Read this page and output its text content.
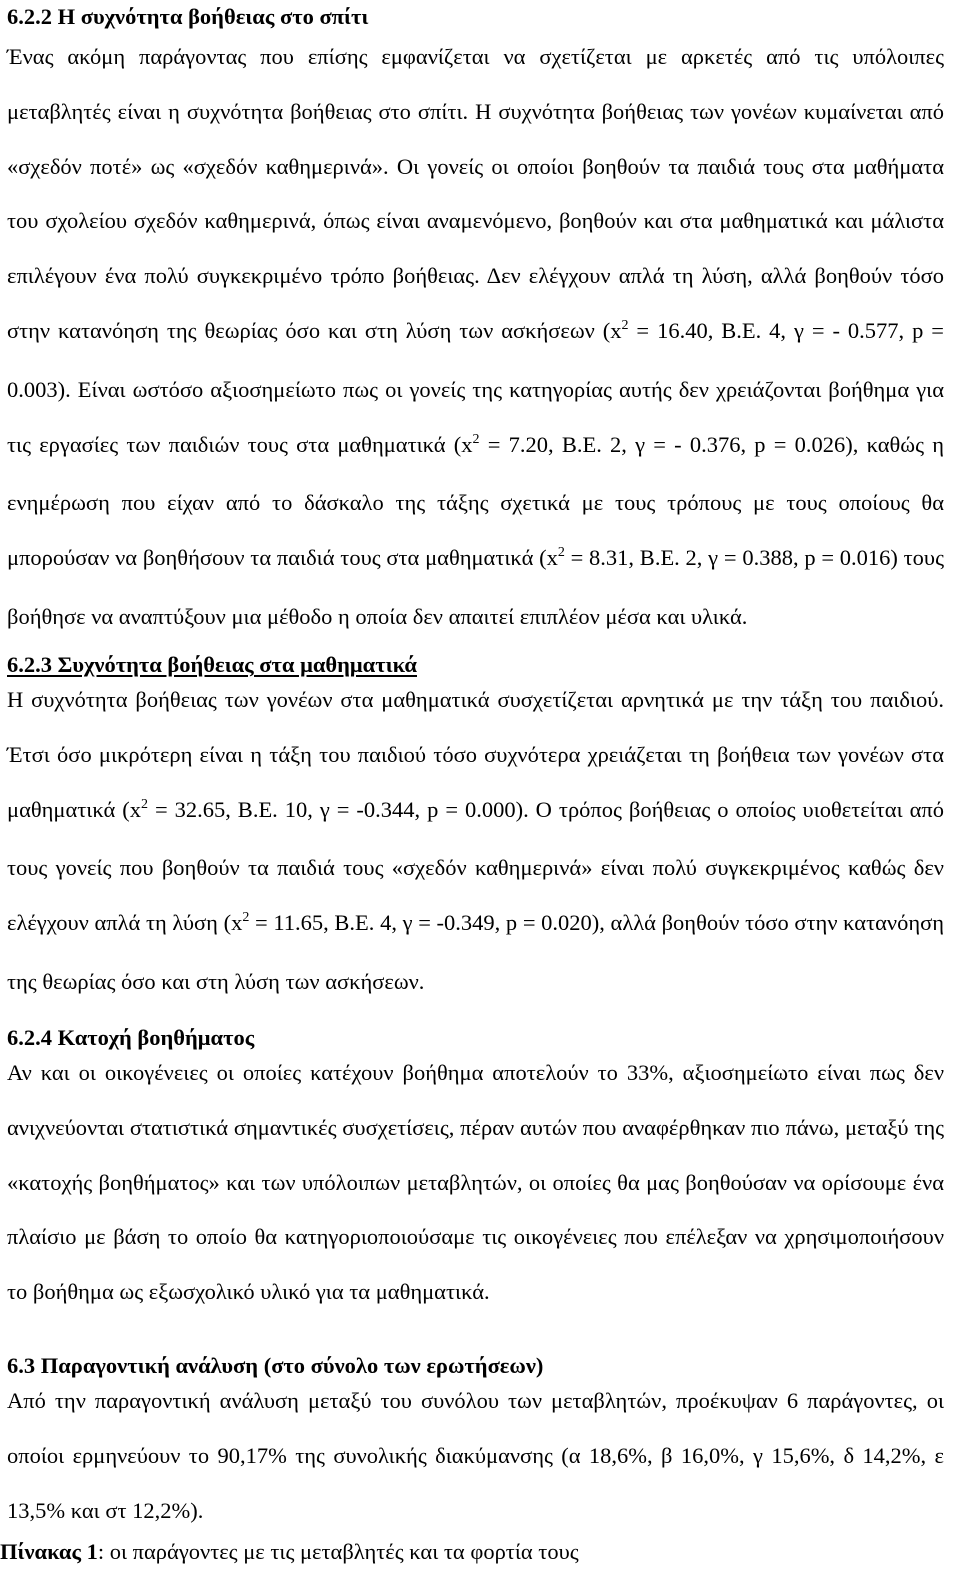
6.2.2 Η συχνότητα βοήθειας στο σπίτι

Ένας ακόμη παράγοντας που επίσης εμφανίζεται να σχετίζεται με αρκετές από τις υπόλοιπες μεταβλητές είναι η συχνότητα βοήθειας στο σπίτι. Η συχνότητα βοήθειας των γονέων κυμαίνεται από «σχεδόν ποτέ» ως «σχεδόν καθημερινά». Οι γονείς οι οποίοι βοηθούν τα παιδιά τους στα μαθήματα του σχολείου σχεδόν καθημερινά, όπως είναι αναμενόμενο, βοηθούν και στα μαθηματικά και μάλιστα επιλέγουν ένα πολύ συγκεκριμένο τρόπο βοήθειας. Δεν ελέγχουν απλά τη λύση, αλλά βοηθούν τόσο στην κατανόηση της θεωρίας όσο και στη λύση των ασκήσεων ($x^2 = 16.40$, B.E. 4, γ = - 0.577, p = 0.003). Είναι ωστόσο αξιοσημείωτο πως οι γονείς της κατηγορίας αυτής δεν χρειάζονται βοήθημα για τις εργασίες των παιδιών τους στα μαθηματικά ($x^2 = 7.20$, B.E. 2, γ = - 0.376, p = 0.026), καθώς η ενημέρωση που είχαν από το δάσκαλο της τάξης σχετικά με τους τρόπους με τους οποίους θα μπορούσαν να βοηθήσουν τα παιδιά τους στα μαθηματικά ($x^2 = 8.31$, B.E. 2, γ = 0.388, p = 0.016) τους βοήθησε να αναπτύξουν μια μέθοδο η οποία δεν απαιτεί επιπλέον μέσα και υλικά.

6.2.3 Συχνότητα βοήθειας στα μαθηματικά

Η συχνότητα βοήθειας των γονέων στα μαθηματικά συσχετίζεται αρνητικά με την τάξη του παιδιού. Έτσι όσο μικρότερη είναι η τάξη του παιδιού τόσο συχνότερα χρειάζεται τη βοήθεια των γονέων στα μαθηματικά ($x^2 = 32.65$, B.E. 10, γ = -0.344, p = 0.000). Ο τρόπος βοήθειας ο οποίος υιοθετείται από τους γονείς που βοηθούν τα παιδιά τους «σχεδόν καθημερινά» είναι πολύ συγκεκριμένος καθώς δεν ελέγχουν απλά τη λύση ($x^2 = 11.65$, B.E. 4, γ = -0.349, p = 0.020), αλλά βοηθούν τόσο στην κατανόηση της θεωρίας όσο και στη λύση των ασκήσεων.

6.2.4 Κατοχή βοηθήματος

Αν και οι οικογένειες οι οποίες κατέχουν βοήθημα αποτελούν το 33%, αξιοσημείωτο είναι πως δεν ανιχνεύονται στατιστικά σημαντικές συσχετίσεις, πέραν αυτών που αναφέρθηκαν πιο πάνω, μεταξύ της «κατοχής βοηθήματος» και των υπόλοιπων μεταβλητών, οι οποίες θα μας βοηθούσαν να ορίσουμε ένα πλαίσιο με βάση το οποίο θα κατηγοριοποιούσαμε τις οικογένειες που επέλεξαν να χρησιμοποιήσουν το βοήθημα ως εξωσχολικό υλικό για τα μαθηματικά.

6.3 Παραγοντική ανάλυση (στο σύνολο των ερωτήσεων)

Από την παραγοντική ανάλυση μεταξύ του συνόλου των μεταβλητών, προέκυψαν 6 παράγοντες, οι οποίοι ερμηνεύουν το 90,17% της συνολικής διακύμανσης (α 18,6%, β 16,0%, γ 15,6%, δ 14,2%, ε 13,5% και στ 12,2%).

Πίνακας 1: οι παράγοντες με τις μεταβλητές και τα φορτία τους
